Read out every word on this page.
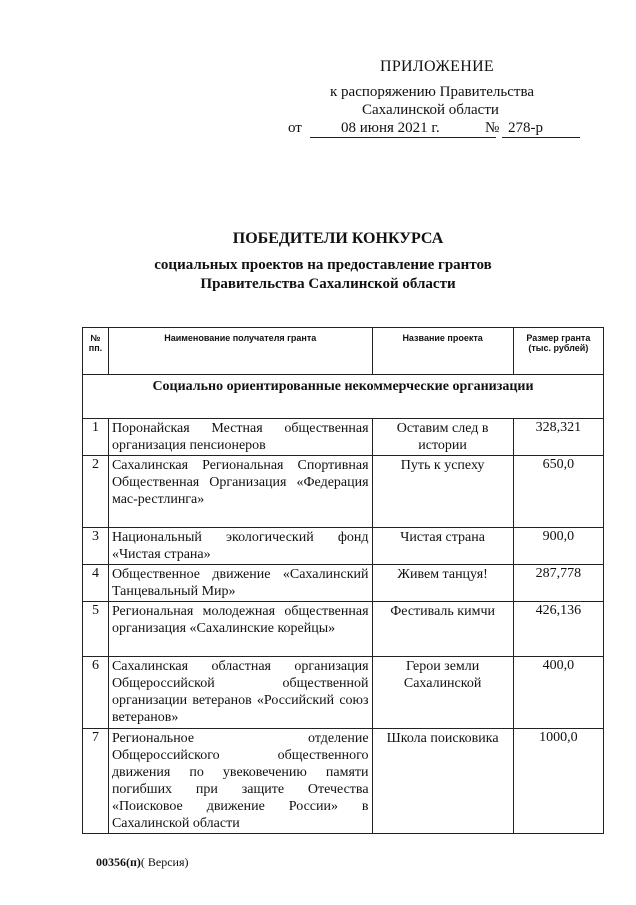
ПРИЛОЖЕНИЕ
к распоряжению Правительства
Сахалинской области
от	08 июня 2021 г.	№ 278-р
ПОБЕДИТЕЛИ КОНКУРСА
социальных проектов на предоставление грантов
Правительства Сахалинской области
№ пп.	Наименование получателя гранта	Название проекта	Размер гранта (тыс. рублей)
Социально ориентированные некоммерческие организации			
1	Поронайская Местная общественная организация пенсионеров	Оставим след в истории	328,321
2	Сахалинская Региональная Спортивная Общественная Организация «Федерация мас-рестлинга»	Путь к успеху	650,0
3	Национальный экологический фонд «Чистая страна»	Чистая страна	900,0
4	Общественное движение «Сахалинский Танцевальный Мир»	Живем танцуя!	287,778
5	Региональная молодежная общественная организация «Сахалинские корейцы»	Фестиваль кимчи	426,136
6	Сахалинская областная организация Общероссийской общественной организации ветеранов «Российский союз ветеранов»	Герои земли Сахалинской	400,0
7	Региональное отделение Общероссийского общественного движения по увековечению памяти погибших при защите Отечества «Поисковое движение России» в Сахалинской области	Школа поисковика	1000,0
00356(п)( Версия)
